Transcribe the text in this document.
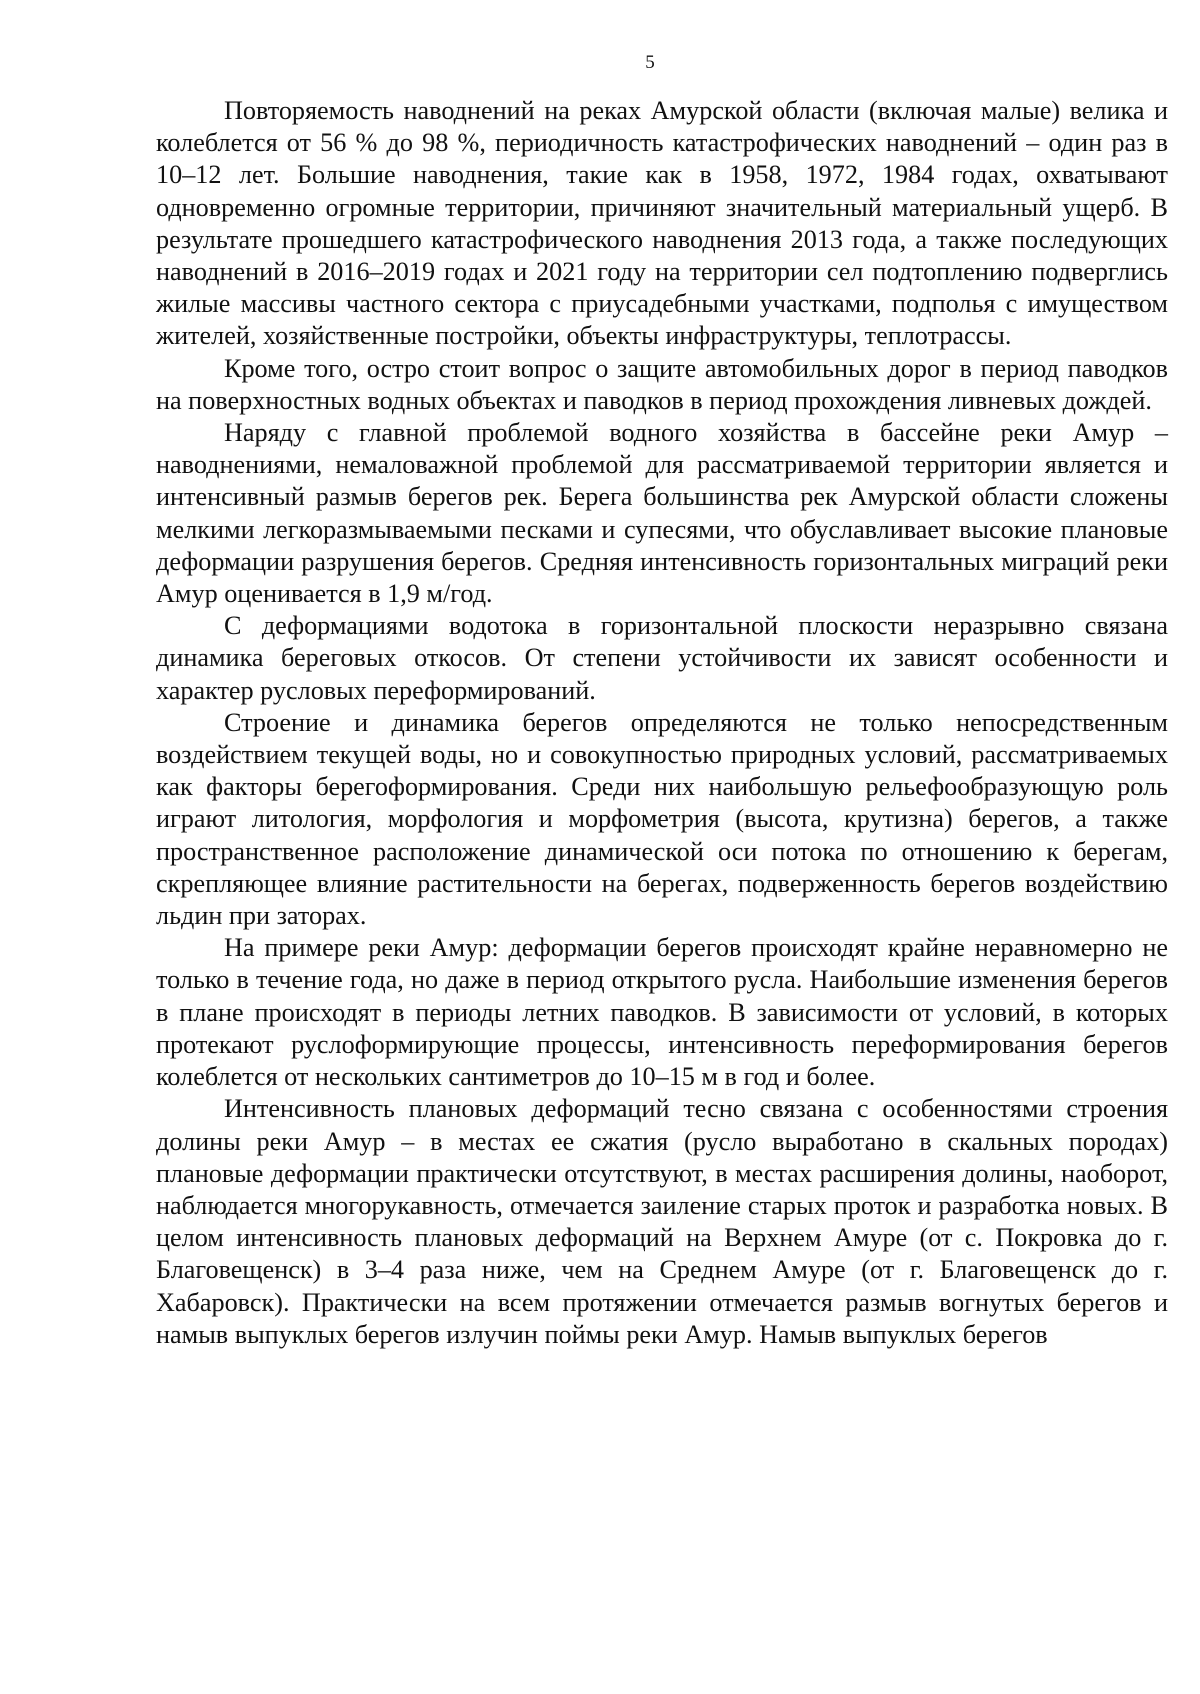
5

Повторяемость наводнений на реках Амурской области (включая малые) велика и колеблется от 56 % до 98 %, периодичность катастрофических наводнений – один раз в 10–12 лет. Большие наводнения, такие как в 1958, 1972, 1984 годах, охватывают одновременно огромные территории, причиняют значительный материальный ущерб. В результате прошедшего катастрофического наводнения 2013 года, а также последующих наводнений в 2016–2019 годах и 2021 году на территории сел подтоплению подверглись жилые массивы частного сектора с приусадебными участками, подполья с имуществом жителей, хозяйственные постройки, объекты инфраструктуры, теплотрассы.

Кроме того, остро стоит вопрос о защите автомобильных дорог в период паводков на поверхностных водных объектах и паводков в период прохождения ливневых дождей.

Наряду с главной проблемой водного хозяйства в бассейне реки Амур – наводнениями, немаловажной проблемой для рассматриваемой территории является и интенсивный размыв берегов рек. Берега большинства рек Амурской области сложены мелкими легкоразмываемыми песками и супесями, что обуславливает высокие плановые деформации разрушения берегов. Средняя интенсивность горизонтальных миграций реки Амур оценивается в 1,9 м/год.

С деформациями водотока в горизонтальной плоскости неразрывно связана динамика береговых откосов. От степени устойчивости их зависят особенности и характер русловых переформирований.

Строение и динамика берегов определяются не только непосредственным воздействием текущей воды, но и совокупностью природных условий, рассматриваемых как факторы берегоформирования. Среди них наибольшую рельефообразующую роль играют литология, морфология и морфометрия (высота, крутизна) берегов, а также пространственное расположение динамической оси потока по отношению к берегам, скрепляющее влияние растительности на берегах, подверженность берегов воздействию льдин при заторах.

На примере реки Амур: деформации берегов происходят крайне неравномерно не только в течение года, но даже в период открытого русла. Наибольшие изменения берегов в плане происходят в периоды летних паводков. В зависимости от условий, в которых протекают руслоформирующие процессы, интенсивность переформирования берегов колеблется от нескольких сантиметров до 10–15 м в год и более.

Интенсивность плановых деформаций тесно связана с особенностями строения долины реки Амур – в местах ее сжатия (русло выработано в скальных породах) плановые деформации практически отсутствуют, в местах расширения долины, наоборот, наблюдается многорукавность, отмечается заиление старых проток и разработка новых. В целом интенсивность плановых деформаций на Верхнем Амуре (от с. Покровка до г. Благовещенск) в 3–4 раза ниже, чем на Среднем Амуре (от г. Благовещенск до г. Хабаровск). Практически на всем протяжении отмечается размыв вогнутых берегов и намыв выпуклых берегов излучин поймы реки Амур. Намыв выпуклых берегов
